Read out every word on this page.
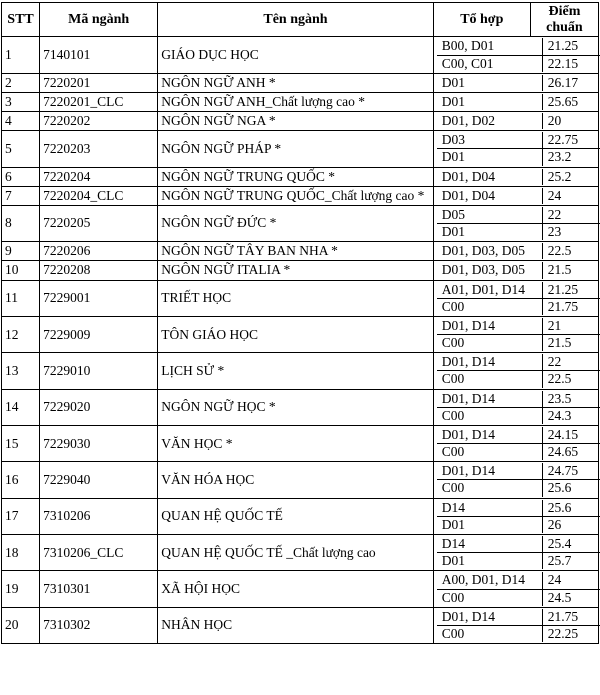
STT	Mã ngành	Tên ngành	Tổ hợp	Điểm chuẩn
1	7140101	GIÁO DỤC HỌC	
B00, D01	21.25
C00, C01	22.15

2	7220201	NGÔN NGỮ ANH *		D01	26.17

3	7220201_CLC	NGÔN NGỮ ANH_Chất lượng cao *		D01	25.65

4	7220202	NGÔN NGỮ NGA *		D01, D02	20

5	7220203	NGÔN NGỮ PHÁP *	
D03	22.75
D01	23.2

6	7220204	NGÔN NGỮ TRUNG QUỐC *		D01, D04	25.2

7	7220204_CLC	NGÔN NGỮ TRUNG QUỐC_Chất lượng cao *	D01, D04	24

8	7220205	NGÔN NGỮ ĐỨC *	
D05	22
D01	23

9	7220206	NGÔN NGỮ TÂY BAN NHA *		D01, D03, D05	22.5

10	7220208	NGÔN NGỮ ITALIA *		D01, D03, D05	21.5

11	7229001	TRIẾT HỌC	
A01, D01, D14	21.25
C00	21.75

12	7229009	TÔN GIÁO HỌC	
D01, D14	21
C00	21.5

13	7229010	LỊCH SỬ *	
D01, D14	22
C00	22.5

14	7229020	NGÔN NGỮ HỌC *	
D01, D14	23.5
C00	24.3

15	7229030	VĂN HỌC *	
D01, D14	24.15
C00	24.65

16	7229040	VĂN HÓA HỌC	
D01, D14	24.75
C00	25.6

17	7310206	QUAN HỆ QUỐC TẾ	
D14	25.6
D01	26

18	7310206_CLC	QUAN HỆ QUỐC TẾ _Chất lượng cao	
D14	25.4
D01	25.7

19	7310301	XÃ HỘI HỌC	
A00, D01, D14	24
C00	24.5

20	7310302	NHÂN HỌC	
D01, D14	21.75
C00	22.25
